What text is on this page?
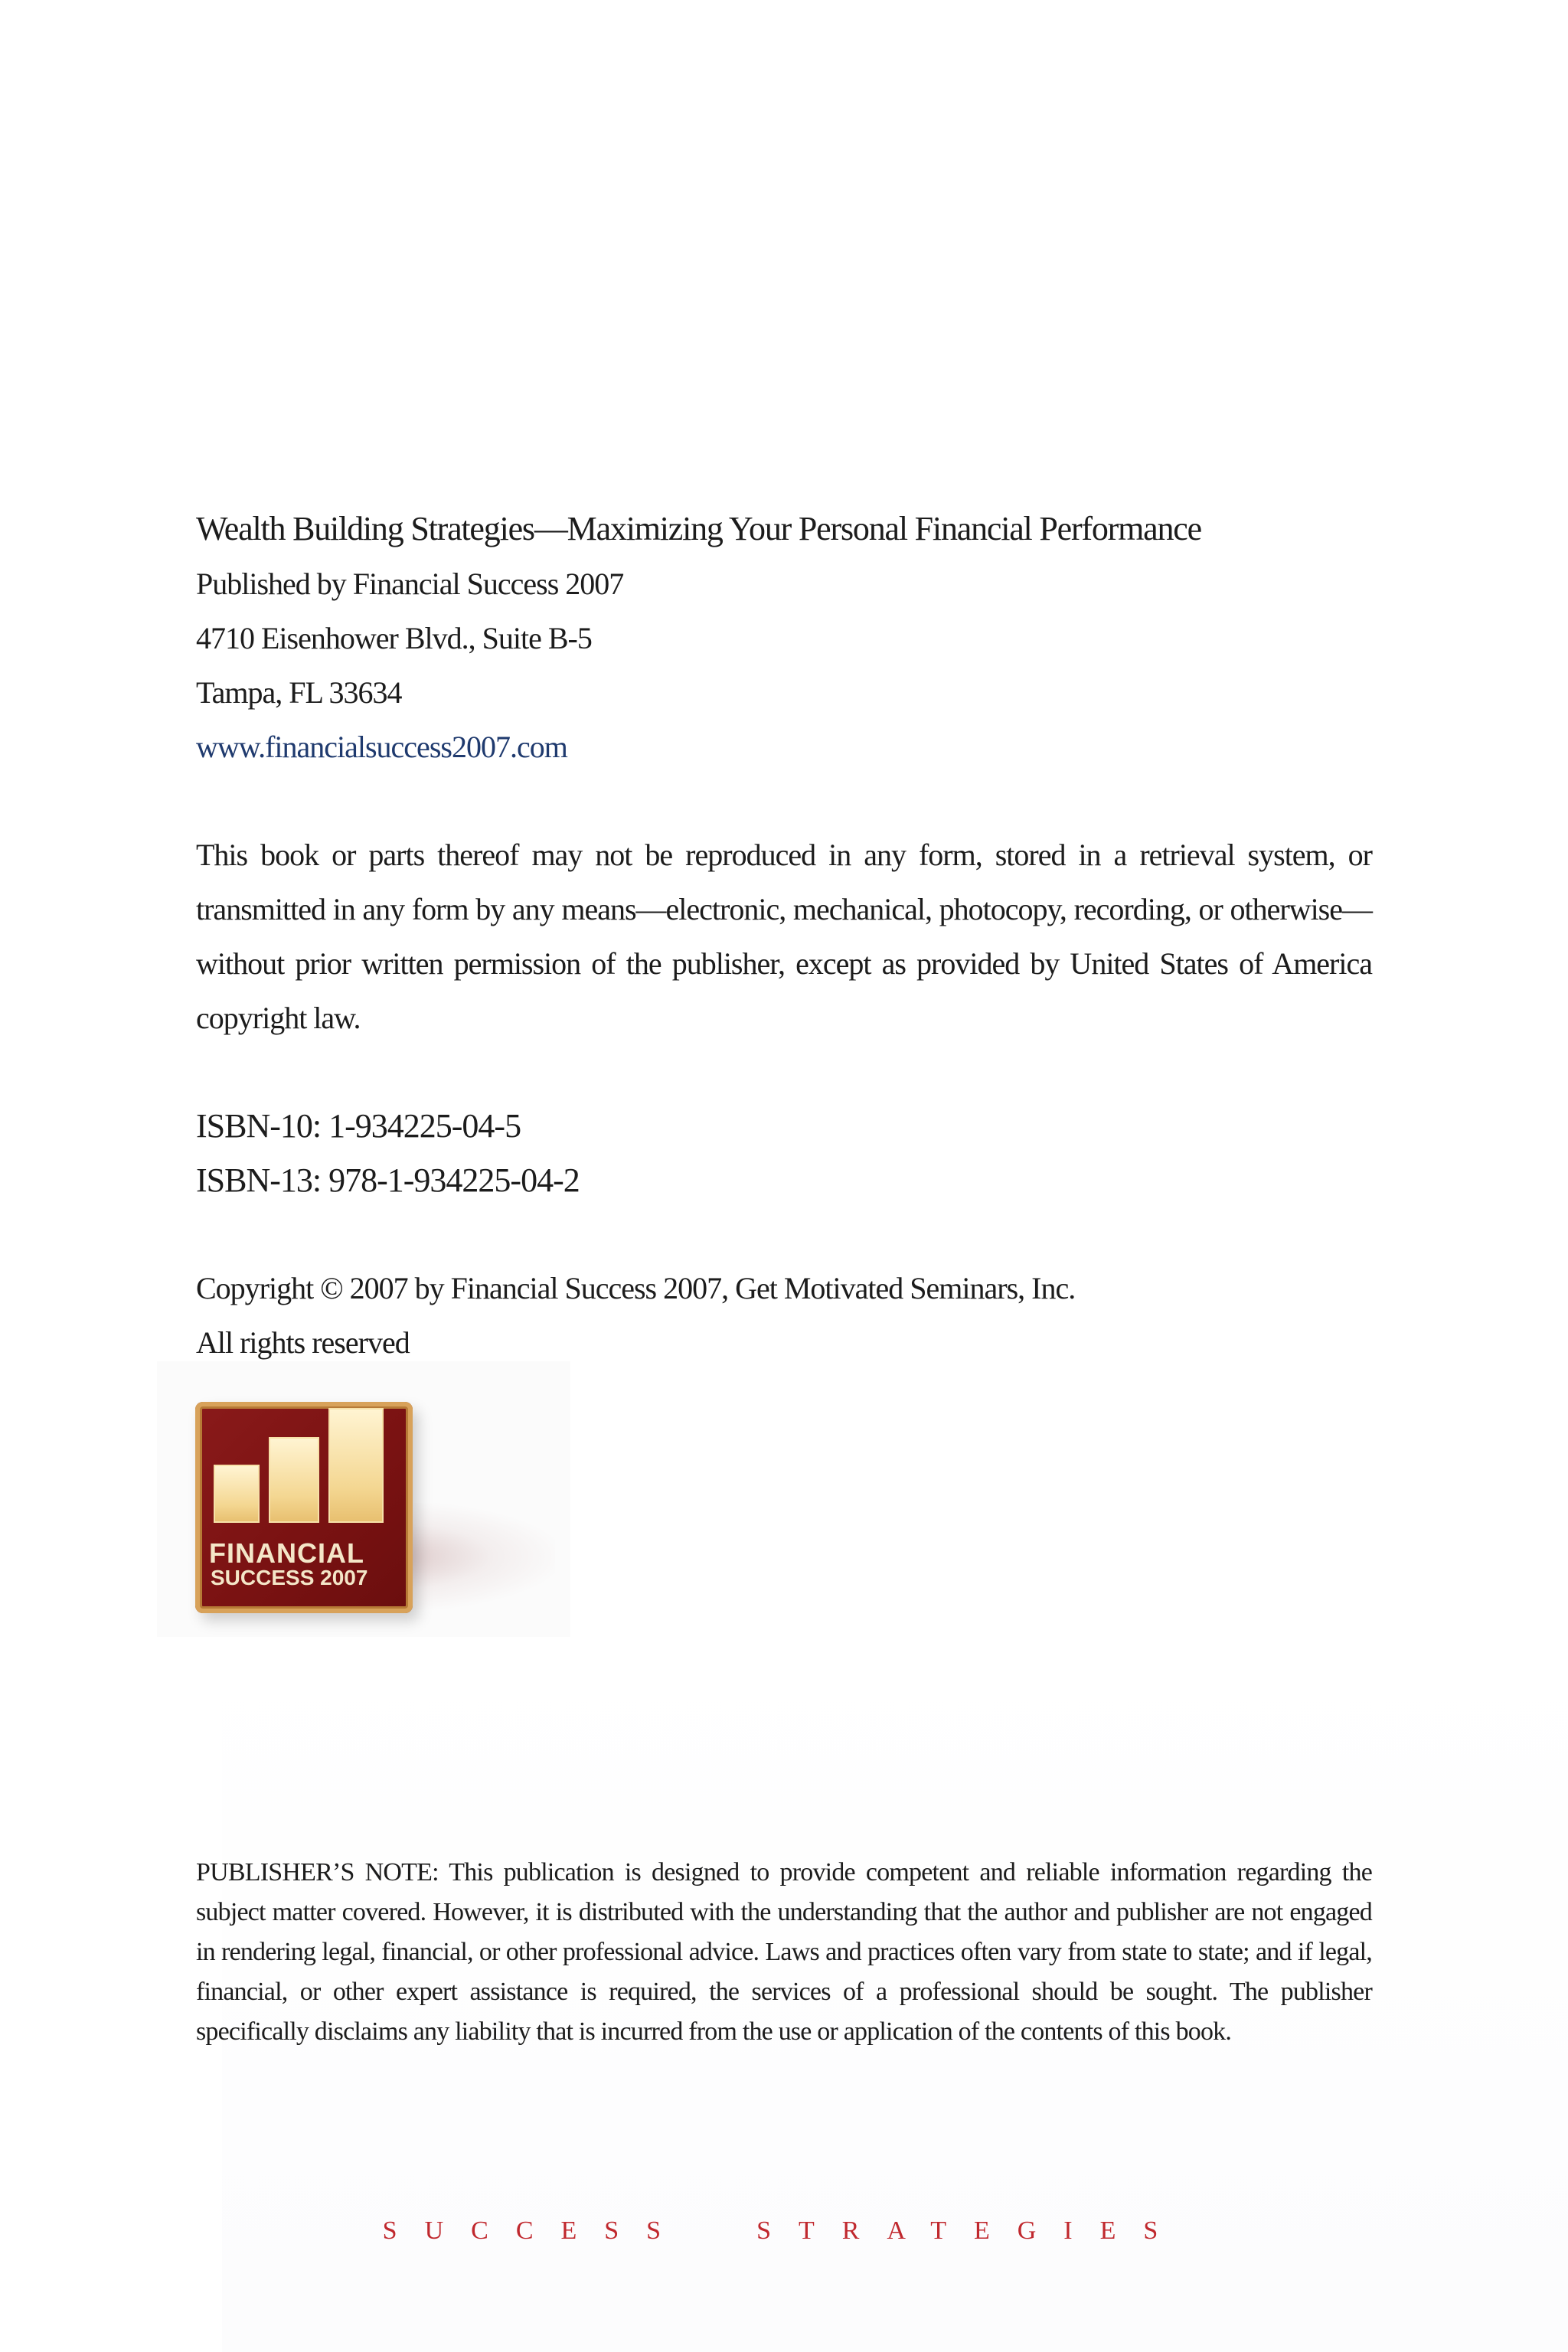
Wealth Building Strategies—Maximizing Your Personal Financial Performance

Published by Financial Success 2007

4710 Eisenhower Blvd., Suite B-5

Tampa, FL 33634

www.financialsuccess2007.com

This book or parts thereof may not be reproduced in any form, stored in a retrieval system, or transmitted in any form by any means—electronic, mechanical, photocopy, recording, or otherwise—without prior written permission of the publisher, except as provided by United States of America copyright law.

ISBN-10: 1-934225-04-5

ISBN-13: 978-1-934225-04-2

Copyright © 2007 by Financial Success 2007, Get Motivated Seminars, Inc.

All rights reserved

FINANCIAL
SUCCESS 2007

PUBLISHER’S NOTE: This publication is designed to provide competent and reliable information regarding the subject matter covered. However, it is distributed with the understanding that the author and publisher are not engaged in rendering legal, financial, or other professional advice. Laws and practices often vary from state to state; and if legal, financial, or other expert assistance is required, the services of a professional should be sought. The publisher specifically disclaims any liability that is incurred from the use or application of the contents of this book.

SUCCESS  STRATEGIES
